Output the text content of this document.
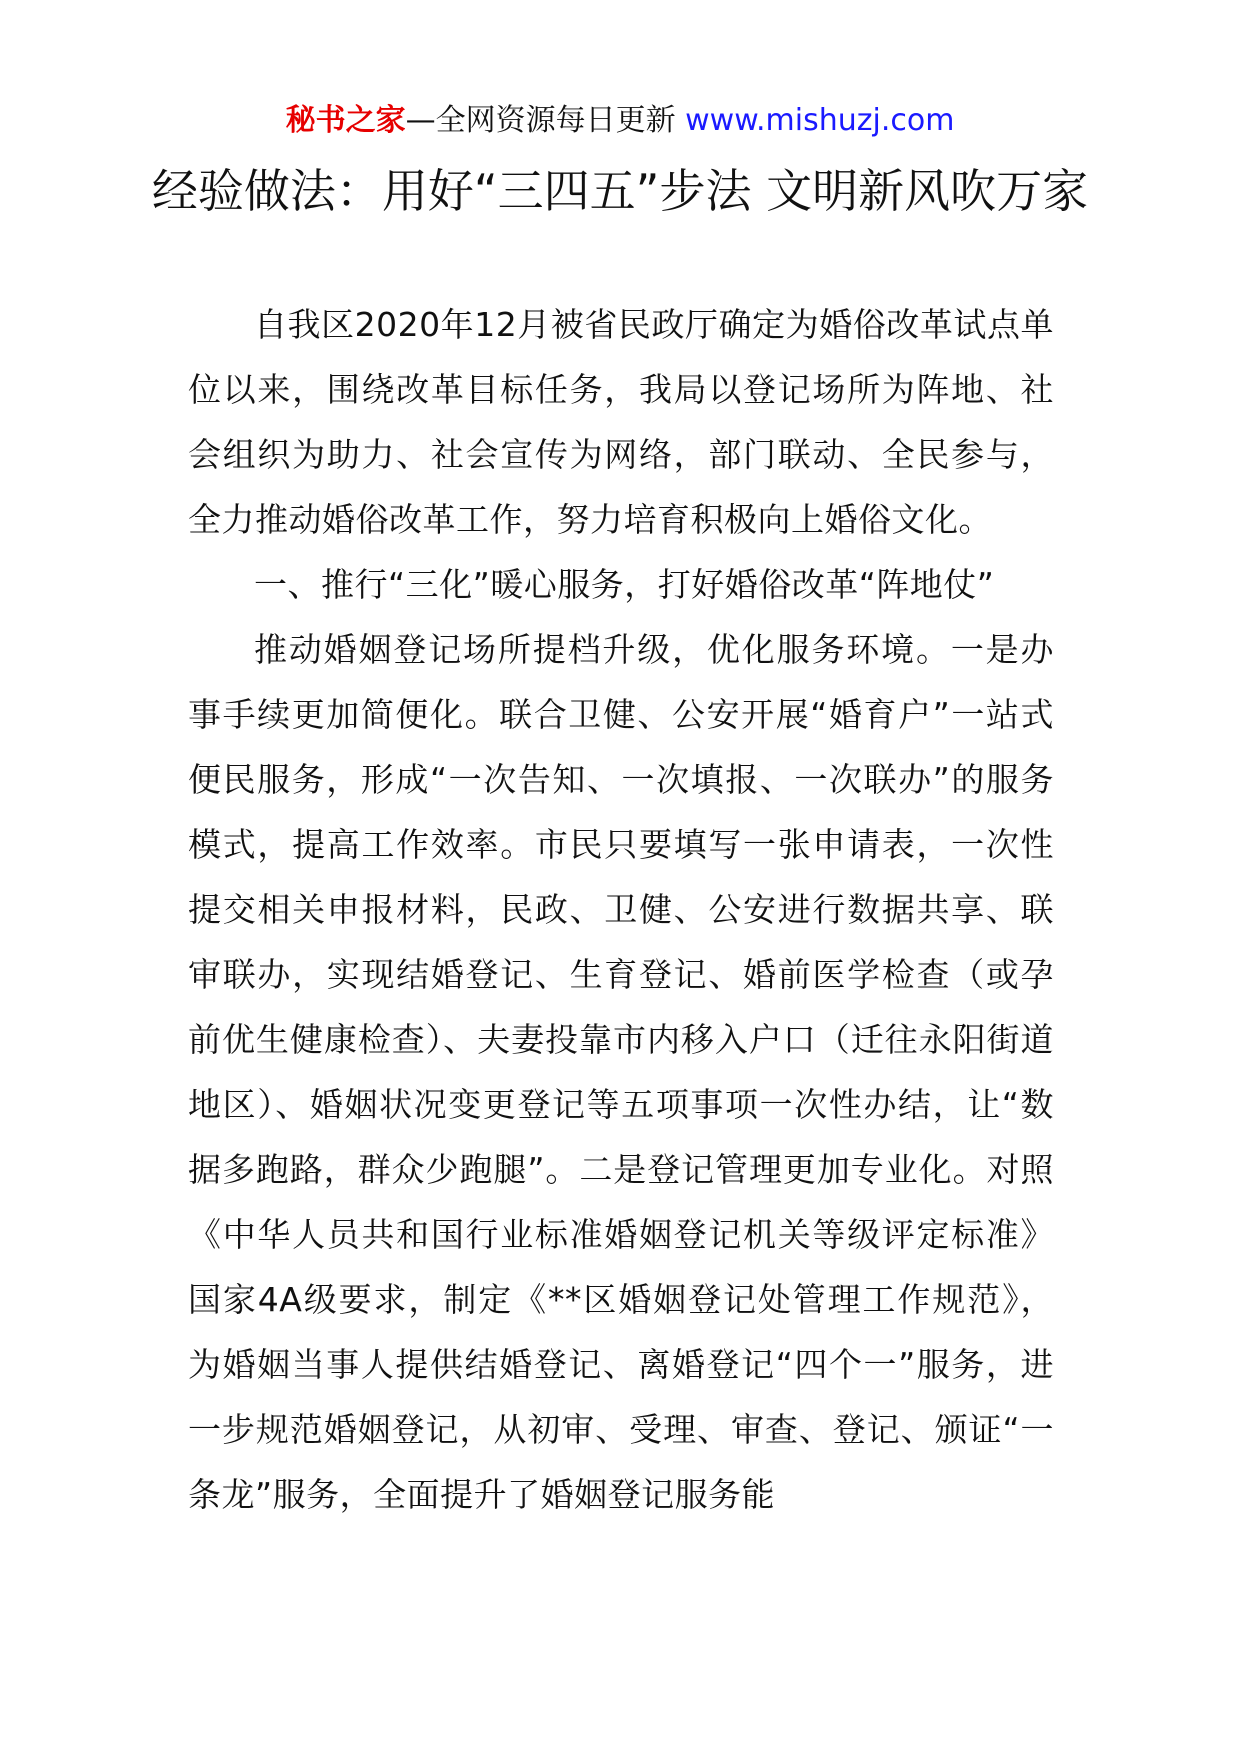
秘书之家—全网资源每日更新 www.mishuzj.com
经验做法：用好“三四五”步法 文明新风吹万家

自我区2020年12月被省民政厅确定为婚俗改革试点单位以来，围绕改革目标任务，我局以登记场所为阵地、社会组织为助力、社会宣传为网络，部门联动、全民参与，全力推动婚俗改革工作，努力培育积极向上婚俗文化。

一、推行“三化”暖心服务，打好婚俗改革“阵地仗”

推动婚姻登记场所提档升级，优化服务环境。一是办事手续更加简便化。联合卫健、公安开展“婚育户”一站式便民服务，形成“一次告知、一次填报、一次联办”的服务模式，提高工作效率。市民只要填写一张申请表，一次性提交相关申报材料，民政、卫健、公安进行数据共享、联审联办，实现结婚登记、生育登记、婚前医学检查（或孕前优生健康检查）、夫妻投靠市内移入户口（迁往永阳街道地区）、婚姻状况变更登记等五项事项一次性办结，让“数据多跑路，群众少跑腿”。二是登记管理更加专业化。对照《中华人员共和国行业标准婚姻登记机关等级评定标准》国家4A级要求，制定《**区婚姻登记处管理工作规范》，为婚姻当事人提供结婚登记、离婚登记“四个一”服务，进一步规范婚姻登记，从初审、受理、审查、登记、颁证“一条龙”服务，全面提升了婚姻登记服务能
